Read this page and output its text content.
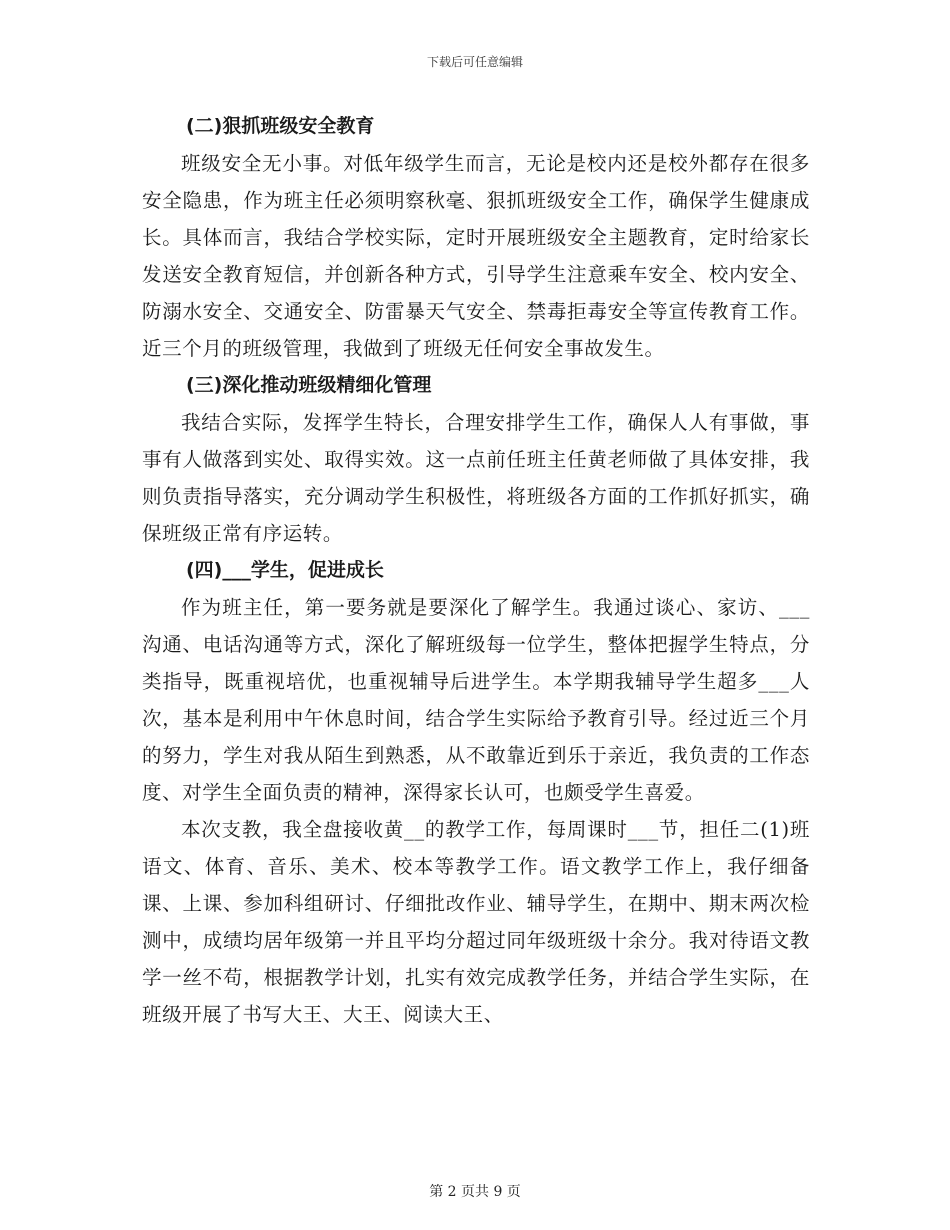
下载后可任意编辑
(二)狠抓班级安全教育

班级安全无小事。对低年级学生而言，无论是校内还是校外都存在很多安全隐患，作为班主任必须明察秋毫、狠抓班级安全工作，确保学生健康成长。具体而言，我结合学校实际，定时开展班级安全主题教育，定时给家长发送安全教育短信，并创新各种方式，引导学生注意乘车安全、校内安全、防溺水安全、交通安全、防雷暴天气安全、禁毒拒毒安全等宣传教育工作。近三个月的班级管理，我做到了班级无任何安全事故发生。

(三)深化推动班级精细化管理

我结合实际，发挥学生特长，合理安排学生工作，确保人人有事做，事事有人做落到实处、取得实效。这一点前任班主任黄老师做了具体安排，我则负责指导落实，充分调动学生积极性，将班级各方面的工作抓好抓实，确保班级正常有序运转。

(四)___学生，促进成长

作为班主任，第一要务就是要深化了解学生。我通过谈心、家访、___沟通、电话沟通等方式，深化了解班级每一位学生，整体把握学生特点，分类指导，既重视培优，也重视辅导后进学生。本学期我辅导学生超多___人次，基本是利用中午休息时间，结合学生实际给予教育引导。经过近三个月的努力，学生对我从陌生到熟悉，从不敢靠近到乐于亲近，我负责的工作态度、对学生全面负责的精神，深得家长认可，也颇受学生喜爱。

本次支教，我全盘接收黄__的教学工作，每周课时___节，担任二(1)班语文、体育、音乐、美术、校本等教学工作。语文教学工作上，我仔细备课、上课、参加科组研讨、仔细批改作业、辅导学生，在期中、期末两次检测中，成绩均居年级第一并且平均分超过同年级班级十余分。我对待语文教学一丝不苟，根据教学计划，扎实有效完成教学任务，并结合学生实际，在班级开展了书写大王、大王、阅读大王、

第 2 页共 9 页
